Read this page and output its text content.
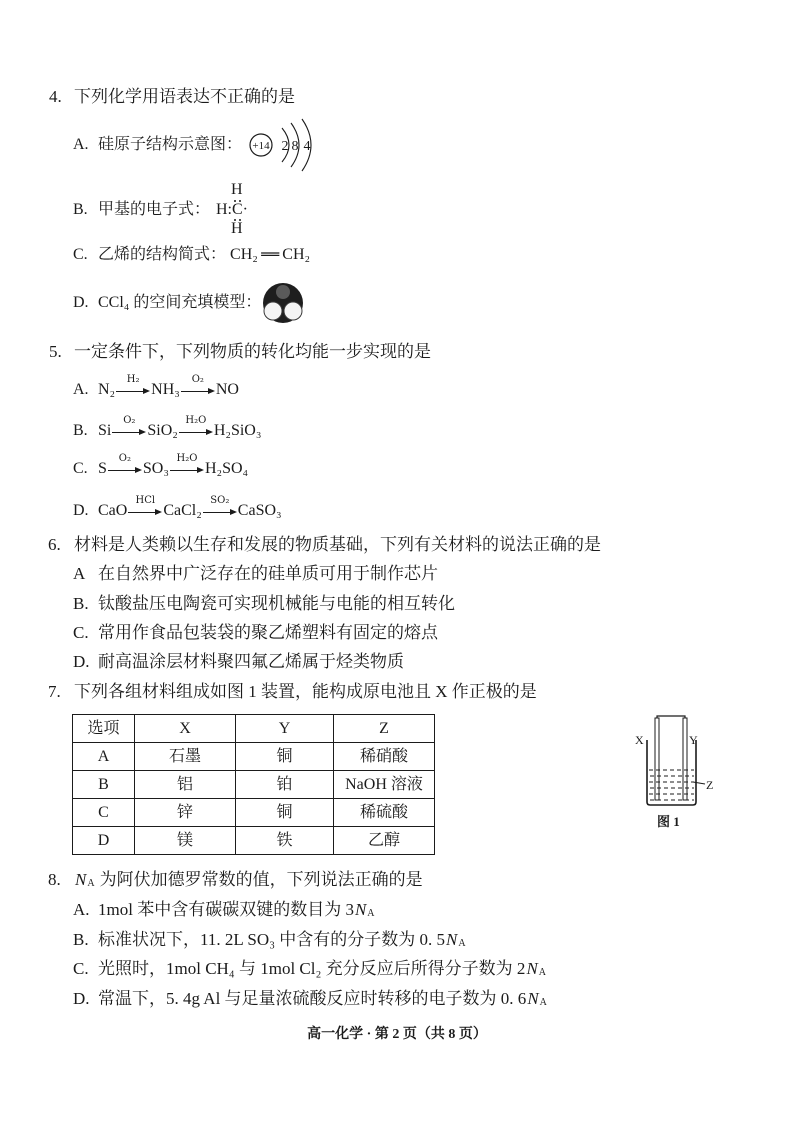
4. 下列化学用语表达不正确的是
A. 硅原子结构示意图： +14 2 8 4
B. 甲基的电子式：
H
H:C·
H
C. 乙烯的结构简式： CH₂ ═ CH₂
D. CCl₄ 的空间充填模型：
5. 一定条件下，下列物质的转化均能一步实现的是
A. N₂

H₂

NH₃

O₂

NO
B. Si

O₂

SiO₂

H₂O

H₂SiO₃
C. S

O₂

SO₃

H₂O

H₂SO₄
D. CaO

HCl

CaCl₂

SO₂

CaSO₃
6. 材料是人类赖以生存和发展的物质基础，下列有关材料的说法正确的是
A 在自然界中广泛存在的硅单质可用于制作芯片
B. 钛酸盐压电陶瓷可实现机械能与电能的相互转化
C. 常用作食品包装袋的聚乙烯塑料有固定的熔点
D. 耐高温涂层材料聚四氟乙烯属于烃类物质
7. 下列各组材料组成如图 1 装置，能构成原电池且 X 作正极的是
选项	X	Y	Z
A	石墨	铜	稀硝酸
B	铝	铂	NaOH 溶液
C	锌	铜	稀硫酸
D	镁	铁	乙醇
X	Y
Z
图 1
8. N A 为阿伏加德罗常数的值，下列说法正确的是
A. 1mol 苯中含有碳碳双键的数目为 3 N A
B. 标准状况下，11. 2L SO₃ 中含有的分子数为 0. 5 N A
C. 光照时，1mol CH₄ 与 1mol Cl₂ 充分反应后所得分子数为 2 N A
D. 常温下，5. 4g Al 与足量浓硫酸反应时转移的电子数为 0. 6 N A
高一化学 · 第 2 页（共 8 页）
